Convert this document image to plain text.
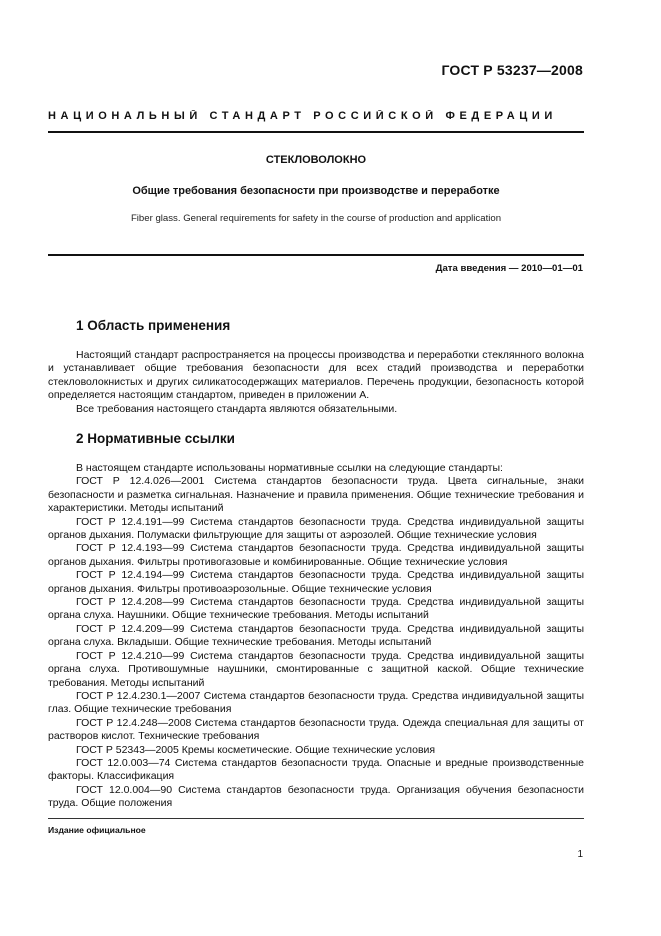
ГОСТ Р 53237—2008
НАЦИОНАЛЬНЫЙ СТАНДАРТ РОССИЙСКОЙ ФЕДЕРАЦИИ
СТЕКЛОВОЛОКНО
Общие требования безопасности при производстве и переработке
Fiber glass. General requirements for safety in the course of production and application
Дата введения — 2010—01—01
1 Область применения

Настоящий стандарт распространяется на процессы производства и переработки стеклянного волокна и устанавливает общие требования безопасности для всех стадий производства и переработки стекловолокнистых и других силикатосодержащих материалов. Перечень продукции, безопасность которой определяется настоящим стандартом, приведен в приложении А.

Все требования настоящего стандарта являются обязательными.

2 Нормативные ссылки

В настоящем стандарте использованы нормативные ссылки на следующие стандарты:

ГОСТ Р 12.4.026—2001 Система стандартов безопасности труда. Цвета сигнальные, знаки безопасности и разметка сигнальная. Назначение и правила применения. Общие технические требования и характеристики. Методы испытаний

ГОСТ Р 12.4.191—99 Система стандартов безопасности труда. Средства индивидуальной защиты органов дыхания. Полумаски фильтрующие для защиты от аэрозолей. Общие технические условия

ГОСТ Р 12.4.193—99 Система стандартов безопасности труда. Средства индивидуальной защиты органов дыхания. Фильтры противогазовые и комбинированные. Общие технические условия

ГОСТ Р 12.4.194—99 Система стандартов безопасности труда. Средства индивидуальной защиты органов дыхания. Фильтры противоаэрозольные. Общие технические условия

ГОСТ Р 12.4.208—99 Система стандартов безопасности труда. Средства индивидуальной защиты органа слуха. Наушники. Общие технические требования. Методы испытаний

ГОСТ Р 12.4.209—99 Система стандартов безопасности труда. Средства индивидуальной защиты органа слуха. Вкладыши. Общие технические требования. Методы испытаний

ГОСТ Р 12.4.210—99 Система стандартов безопасности труда. Средства индивидуальной защиты органа слуха. Противошумные наушники, смонтированные с защитной каской. Общие технические требования. Методы испытаний

ГОСТ Р 12.4.230.1—2007 Система стандартов безопасности труда. Средства индивидуальной защиты глаз. Общие технические требования

ГОСТ Р 12.4.248—2008 Система стандартов безопасности труда. Одежда специальная для защиты от растворов кислот. Технические требования

ГОСТ Р 52343—2005 Кремы косметические. Общие технические условия

ГОСТ 12.0.003—74 Система стандартов безопасности труда. Опасные и вредные производственные факторы. Классификация

ГОСТ 12.0.004—90 Система стандартов безопасности труда. Организация обучения безопасности труда. Общие положения

Издание официальное
1
